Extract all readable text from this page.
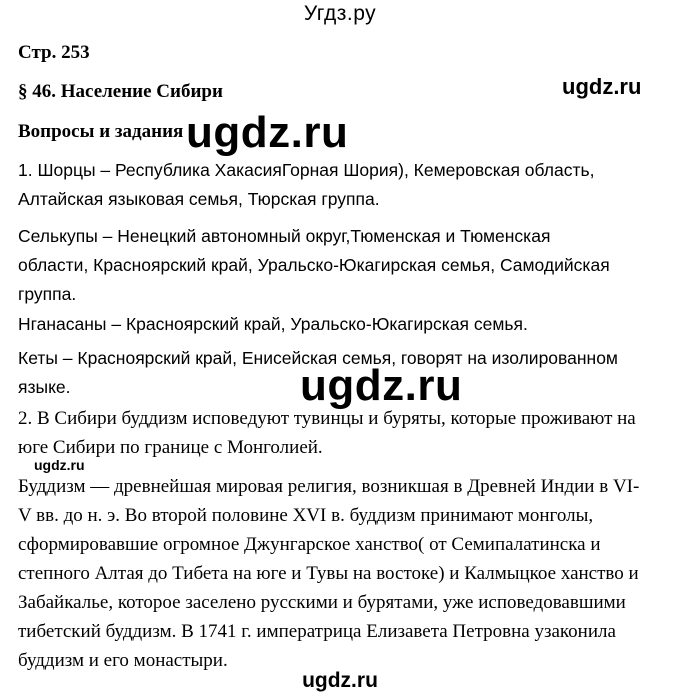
Угдз.ру
Стр. 253
§ 46. Население Сибири	ugdz.ru
Вопросы и задания ugdz.ru
1. Шорцы – Республика ХакасияГорная Шория), Кемеровская область,
Алтайская языковая семья, Тюрская группа.
Селькупы – Ненецкий автономный округ,Тюменская и Тюменская
области, Красноярский край, Уральско-Юкагирская семья, Самодийская
группа.
Нганасаны – Красноярский край, Уральско-Юкагирская семья.
Кеты – Красноярский край, Енисейская семья, говорят на изолированном
языке.	ugdz.ru
2. В Сибири буддизм исповедуют тувинцы и буряты, которые проживают на
юге Сибири по границе с Монголией.
ugdz.ru
Буддизм — древнейшая мировая религия, возникшая в Древней Индии в VI-
V вв. до н. э. Во второй половине XVI в. буддизм принимают монголы,
сформировавшие огромное Джунгарское ханство( от Семипалатинска и
степного Алтая до Тибета на юге и Тувы на востоке) и Калмыцкое ханство и
Забайкалье, которое заселено русскими и бурятами, уже исповедовавшими
тибетский буддизм. В 1741 г. императрица Елизавета Петровна узаконила
буддизм и его монастыри.
ugdz.ru
